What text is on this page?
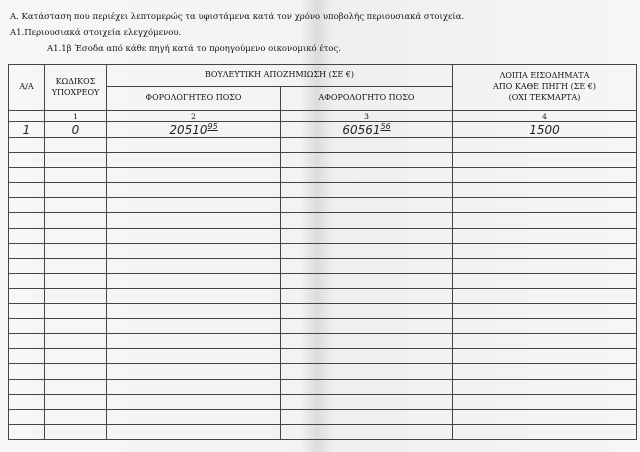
Α. Κατάσταση που περιέχει λεπτομερώς τα υφιστάμενα κατά τον χρόνο υποβολής περιουσιακά στοιχεία.
Α1.Περιουσιακά στοιχεία ελεγχόμενου.
Α1.1β Έσοδα από κάθε πηγή κατά το προηγούμενο οικονομικό έτος.
Α/Α	ΚΩΔΙΚΟΣ ΥΠΟΧΡΕΟΥ	ΒΟΥΛΕΥΤΙΚΗ ΑΠΟΖΗΜΙΩΣΗ (ΣΕ €)		ΛΟΙΠΑ ΕΙΣΟΔΗΜΑΤΑ
ΑΠΟ ΚΑΘΕ ΠΗΓΗ (ΣΕ €)
(ΟΧΙ ΤΕΚΜΑΡΤΑ)

		ΦΟΡΟΛΟΓΗΤΕΟ ΠΟΣΟ	ΑΦΟΡΟΛΟΓΗΤΟ ΠΟΣΟ	
	1	2	3	4
1	0	20510$^{95}$	60561$^{56}$	1500
